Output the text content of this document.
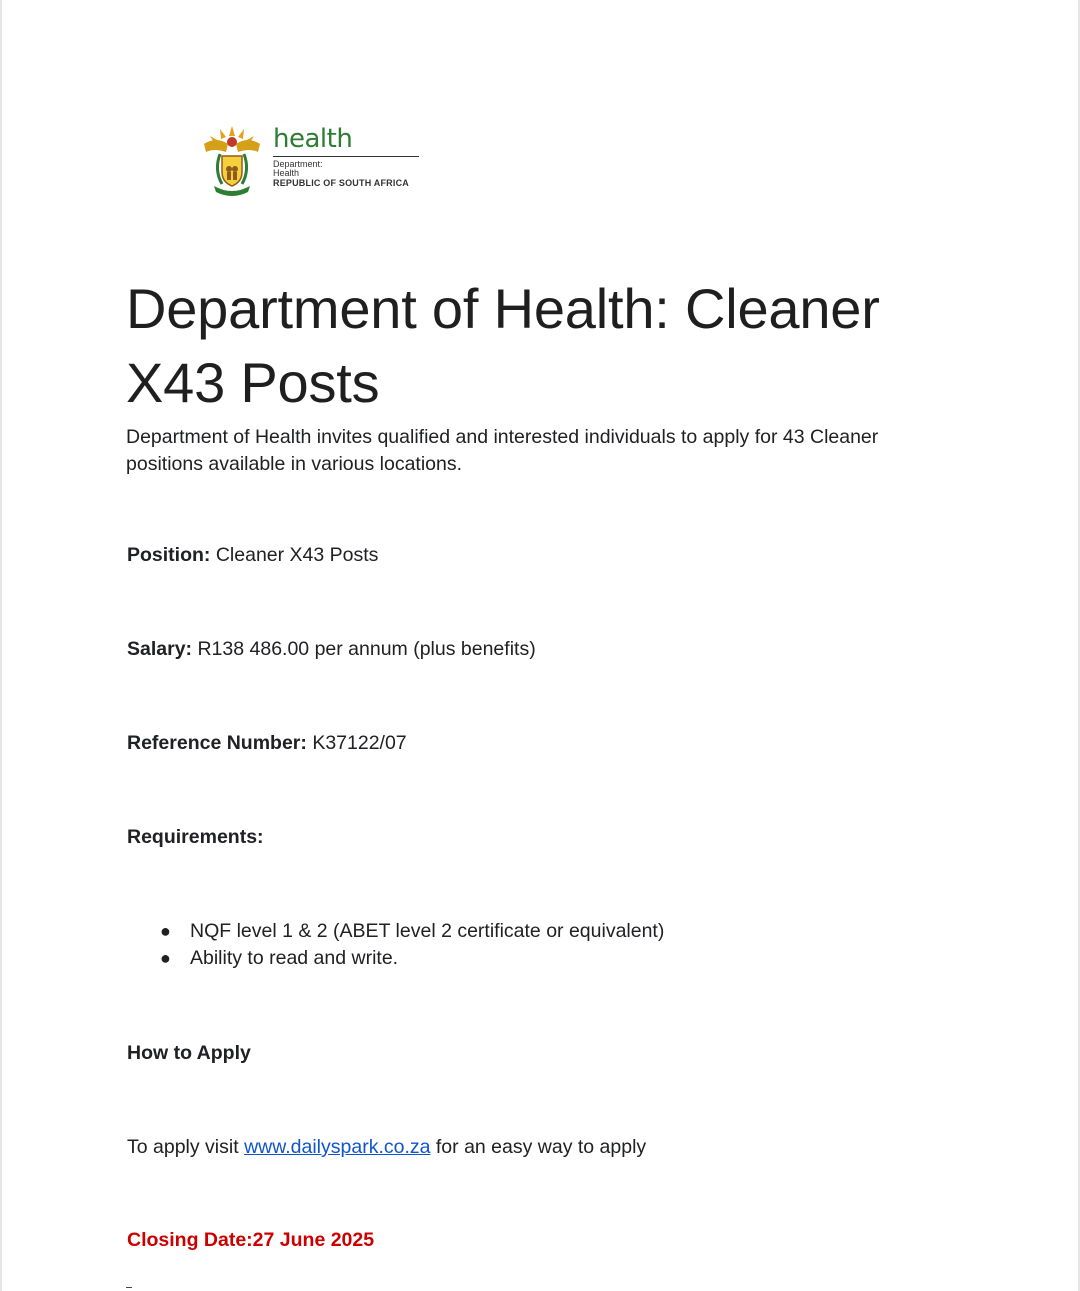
health
Department:
Health
REPUBLIC OF SOUTH AFRICA
Department of Health: Cleaner X43 Posts

Department of Health invites qualified and interested individuals to apply for 43 Cleaner positions available in various locations.

Position: Cleaner X43 Posts
Salary: R138 486.00 per annum (plus benefits)
Reference Number: K37122/07
Requirements:
● NQF level 1 & 2 (ABET level 2 certificate or equivalent)
● Ability to read and write.
How to Apply
To apply visit www.dailyspark.co.za for an easy way to apply
Closing Date:27 June 2025
